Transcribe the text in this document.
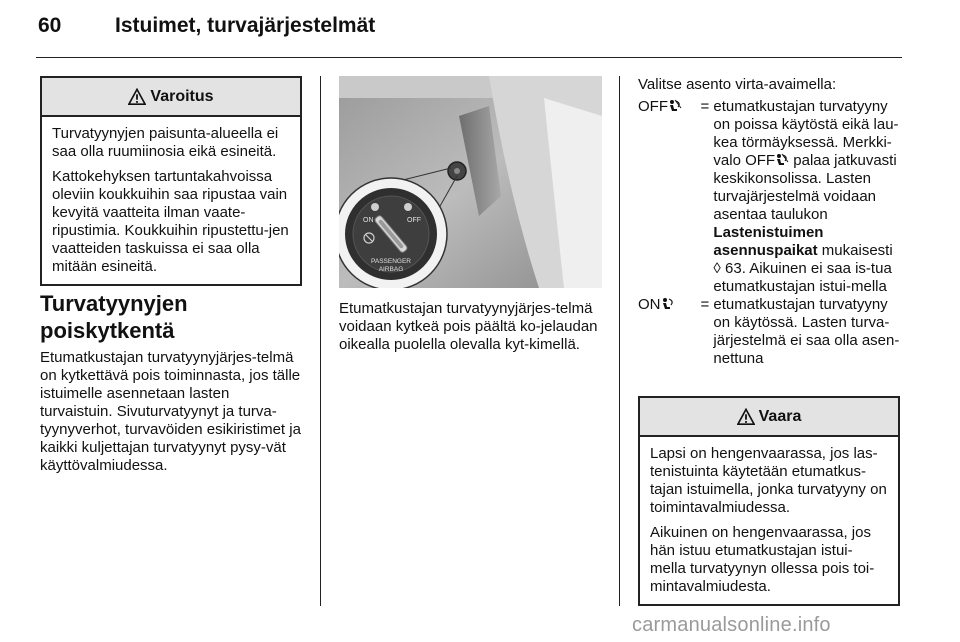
60	Istuimet, turvajärjestelmät
Varoitus

Turvatyynyjen paisunta-alueella ei saa olla ruumiinosia eikä esineitä.

Kattokehyksen tartuntakahvoissa oleviin koukkuihin saa ripustaa vain kevyitä vaatteita ilman vaate-ripustimia. Koukkuihin ripustettu-jen vaatteiden taskuissa ei saa olla mitään esineitä.

Turvatyynyjen
poiskytkentä

Etumatkustajan turvatyynyjärjes-telmä on kytkettävä pois toiminnasta, jos tälle istuimelle asennetaan lasten turvaistuin. Sivuturvatyynyt ja turva-tyynyverhot, turvavöiden esikiristimet ja kaikki kuljettajan turvatyynyt pysy-vät käyttövalmiudessa.

ON	OFF
PASSENGER
AIRBAG
Etumatkustajan turvatyynyjärjes-telmä voidaan kytkeä pois päältä ko-jelaudan oikealla puolella olevalla kyt-kimellä.
Valitse asento virta-avaimella:
OFF	= etumatkustajan turvatyyny on poissa käytöstä eikä lau-kea törmäyksessä. Merkki-valo OFF palaa jatkuvasti keskikonsolissa. Lasten turvajärjestelmä voidaan asentaa taulukon Lastenistuimen asennuspaikat mukaisesti ◊ 63. Aikuinen ei saa is-tua etumatkustajan istui-mella
ON	= etumatkustajan turvatyyny on käytössä. Lasten turva-järjestelmä ei saa olla asen-nettuna
Vaara

Lapsi on hengenvaarassa, jos las-tenistuinta käytetään etumatkus-tajan istuimella, jonka turvatyyny on toimintavalmiudessa.

Aikuinen on hengenvaarassa, jos hän istuu etumatkustajan istui-mella turvatyynyn ollessa pois toi-mintavalmiudesta.

carmanualsonline.info
